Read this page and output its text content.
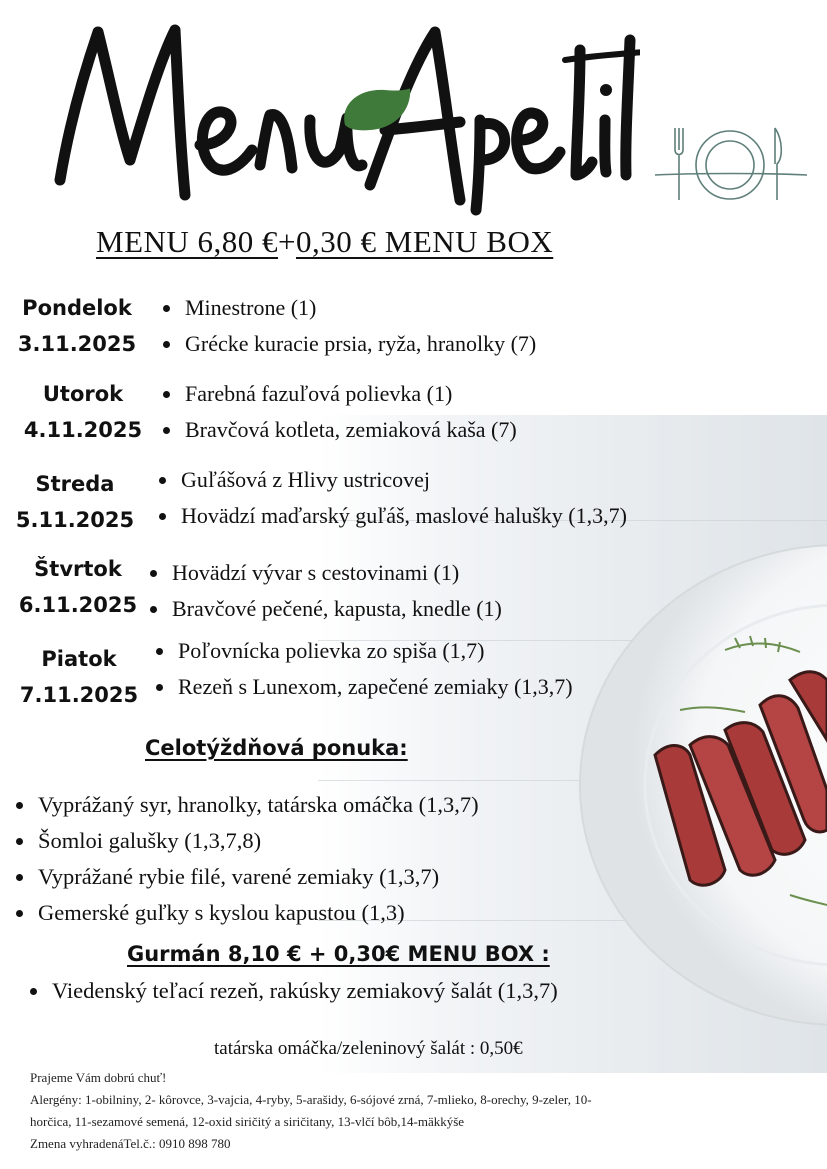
MENU 6,80 €+0,30 € MENU BOX
Pondelok
3.11.2025
Minestrone (1)
Grécke kuracie prsia, ryža, hranolky (7)
Utorok
4.11.2025
Farebná fazuľová polievka (1)
Bravčová kotleta, zemiaková kaša (7)
Streda
5.11.2025
Guľášová z Hlivy ustricovej
Hovädzí maďarský guľáš, maslové halušky (1,3,7)
Štvrtok
6.11.2025
Hovädzí vývar s cestovinami (1)
Bravčové pečené, kapusta, knedle (1)
Piatok
7.11.2025
Poľovnícka polievka zo spiša (1,7)
Rezeň s Lunexom, zapečené zemiaky (1,3,7)
Celotýždňová ponuka:
Vyprážaný syr, hranolky, tatárska omáčka (1,3,7)
Šomloi galušky (1,3,7,8)
Vyprážané rybie filé, varené zemiaky (1,3,7)
Gemerské guľky s kyslou kapustou (1,3)
Gurmán 8,10 € + 0,30€ MENU BOX :
Viedenský teľací rezeň, rakúsky zemiakový šalát (1,3,7)
tatárska omáčka/zeleninový šalát : 0,50€
Prajeme Vám dobrú chuť!
Alergény: 1-obilniny, 2- kôrovce, 3-vajcia, 4-ryby, 5-arašidy, 6-sójové zrná, 7-mlieko, 8-orechy, 9-zeler, 10-
horčica, 11-sezamové semená, 12-oxid siričitý a siričitany, 13-vlčí bôb,14-mäkkýše
Zmena vyhradenáTel.č.: 0910 898 780
